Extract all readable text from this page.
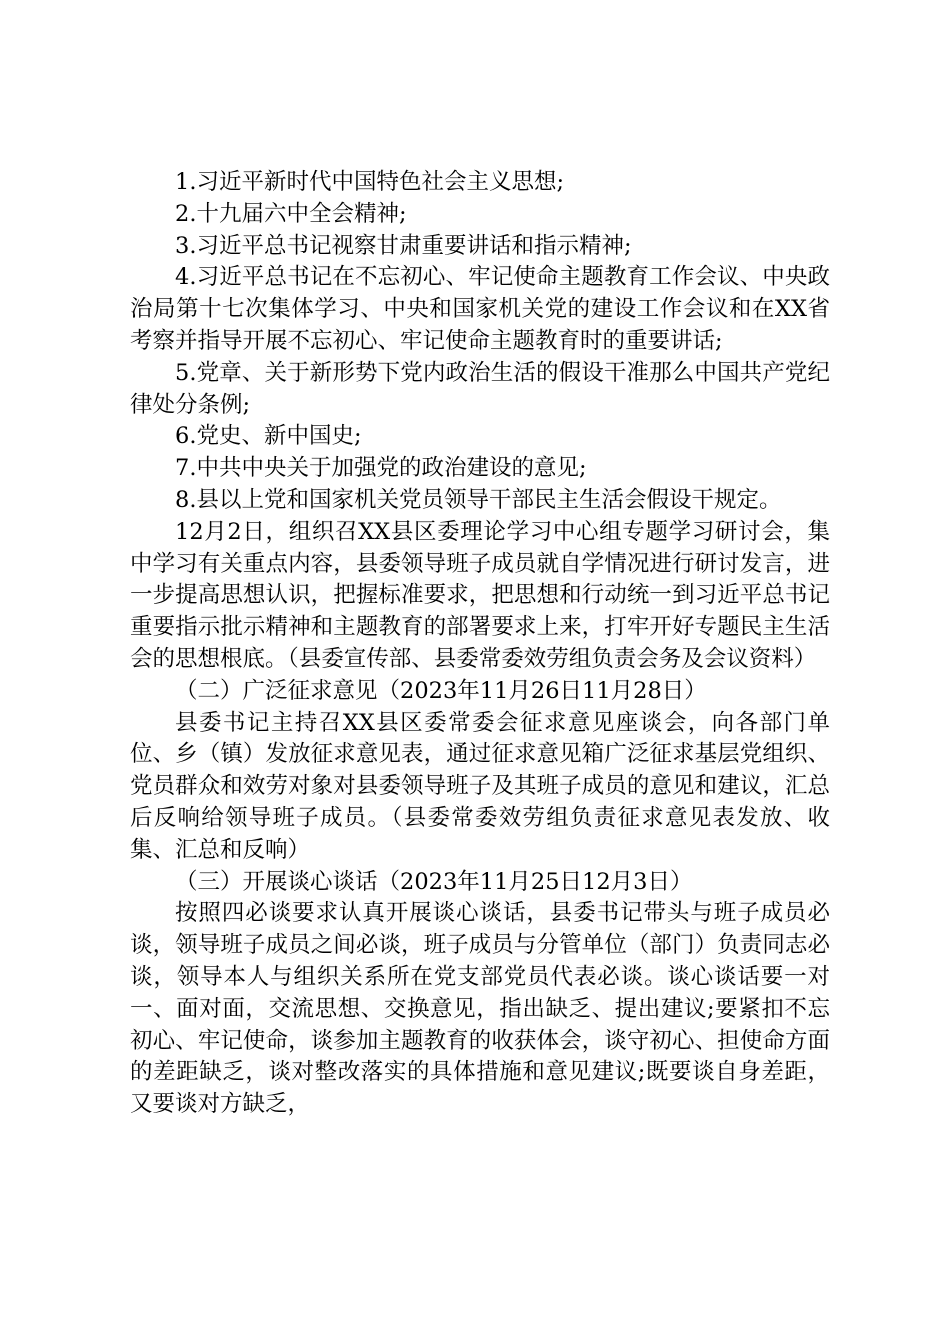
1.习近平新时代中国特色社会主义思想;

2.十九届六中全会精神;

3.习近平总书记视察甘肃重要讲话和指示精神;

4.习近平总书记在不忘初心、牢记使命主题教育工作会议、中央政治局第十七次集体学习、中央和国家机关党的建设工作会议和在XX省考察并指导开展不忘初心、牢记使命主题教育时的重要讲话;

5.党章、关于新形势下党内政治生活的假设干准那么中国共产党纪律处分条例;

6.党史、新中国史;

7.中共中央关于加强党的政治建设的意见;

8.县以上党和国家机关党员领导干部民主生活会假设干规定。

12月2日，组织召XX县区委理论学习中心组专题学习研讨会，集中学习有关重点内容，县委领导班子成员就自学情况进行研讨发言，进一步提高思想认识，把握标准要求，把思想和行动统一到习近平总书记重要指示批示精神和主题教育的部署要求上来，打牢开好专题民主生活会的思想根底。（县委宣传部、县委常委效劳组负责会务及会议资料）

（二）广泛征求意见（2023年11月26日11月28日）

县委书记主持召XX县区委常委会征求意见座谈会，向各部门单位、乡（镇）发放征求意见表，通过征求意见箱广泛征求基层党组织、党员群众和效劳对象对县委领导班子及其班子成员的意见和建议，汇总后反响给领导班子成员。（县委常委效劳组负责征求意见表发放、收集、汇总和反响）

（三）开展谈心谈话（2023年11月25日12月3日）

按照四必谈要求认真开展谈心谈话，县委书记带头与班子成员必谈，领导班子成员之间必谈，班子成员与分管单位（部门）负责同志必谈，领导本人与组织关系所在党支部党员代表必谈。谈心谈话要一对一、面对面，交流思想、交换意见，指出缺乏、提出建议;要紧扣不忘初心、牢记使命，谈参加主题教育的收获体会，谈守初心、担使命方面的差距缺乏，谈对整改落实的具体措施和意见建议;既要谈自身差距，又要谈对方缺乏，
